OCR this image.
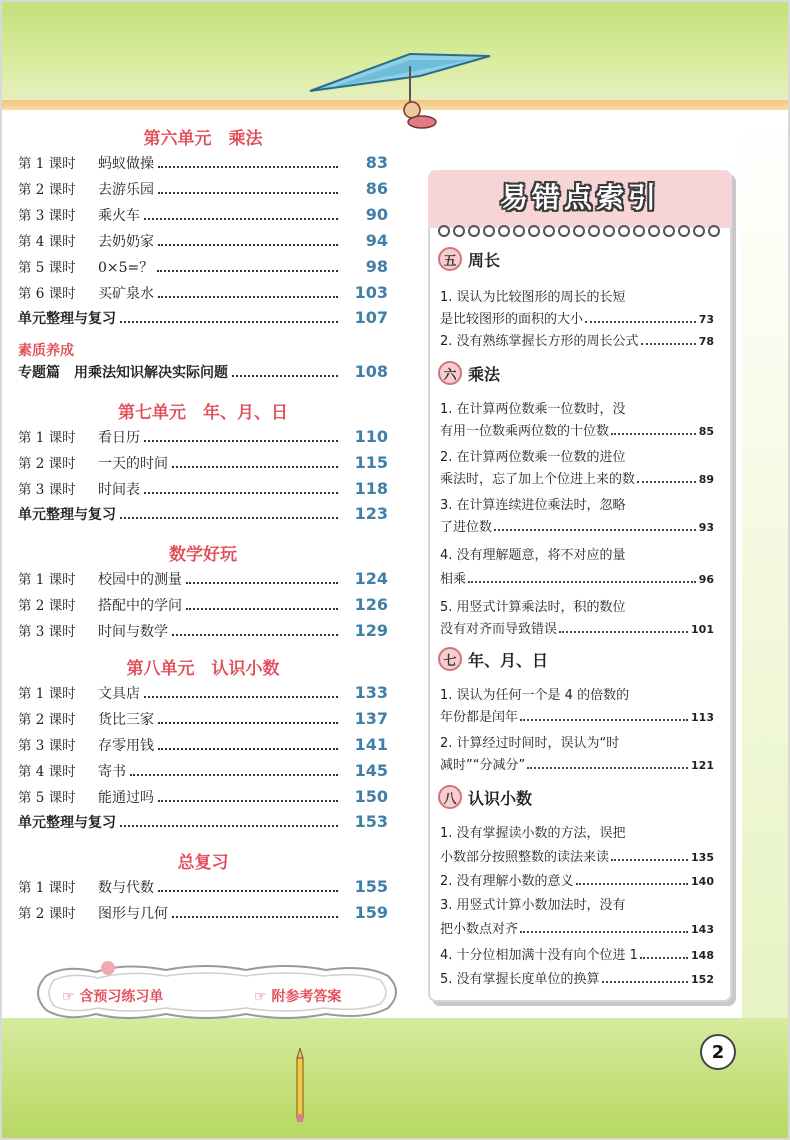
第六单元　乘法
第 1 课时	蚂蚁做操	83
第 2 课时	去游乐园	86
第 3 课时	乘火车	90
第 4 课时	去奶奶家	94
第 5 课时	0×5=？	98
第 6 课时	买矿泉水	103
单元整理与复习	107
素质养成
专题篇　用乘法知识解决实际问题	108
第七单元　年、月、日
第 1 课时	看日历	110
第 2 课时	一天的时间	115
第 3 课时	时间表	118
单元整理与复习	123
数学好玩
第 1 课时	校园中的测量	124
第 2 课时	搭配中的学问	126
第 3 课时	时间与数学	129
第八单元　认识小数
第 1 课时	文具店	133
第 2 课时	货比三家	137
第 3 课时	存零用钱	141
第 4 课时	寄书	145
第 5 课时	能通过吗	150
单元整理与复习	153
总复习
第 1 课时	数与代数	155
第 2 课时	图形与几何	159
☞ 含预习练习单	☞ 附参考答案
易错点索引
五 周长
1. 误认为比较图形的周长的长短
是比较图形的面积的大小	73
2. 没有熟练掌握长方形的周长公式	78
六 乘法
1. 在计算两位数乘一位数时，没
有用一位数乘两位数的十位数	85
2. 在计算两位数乘一位数的进位
乘法时，忘了加上个位进上来的数	89
3. 在计算连续进位乘法时，忽略
了进位数	93
4. 没有理解题意，将不对应的量
相乘	96
5. 用竖式计算乘法时，积的数位
没有对齐而导致错误	101
七 年、月、日
1. 误认为任何一个是 4 的倍数的
年份都是闰年	113
2. 计算经过时间时，误认为“时
减时”“分减分”	121
八 认识小数
1. 没有掌握读小数的方法，误把
小数部分按照整数的读法来读	135
2. 没有理解小数的意义	140
3. 用竖式计算小数加法时，没有
把小数点对齐	143
4. 十分位相加满十没有向个位进 1	148
5. 没有掌握长度单位的换算	152
2
